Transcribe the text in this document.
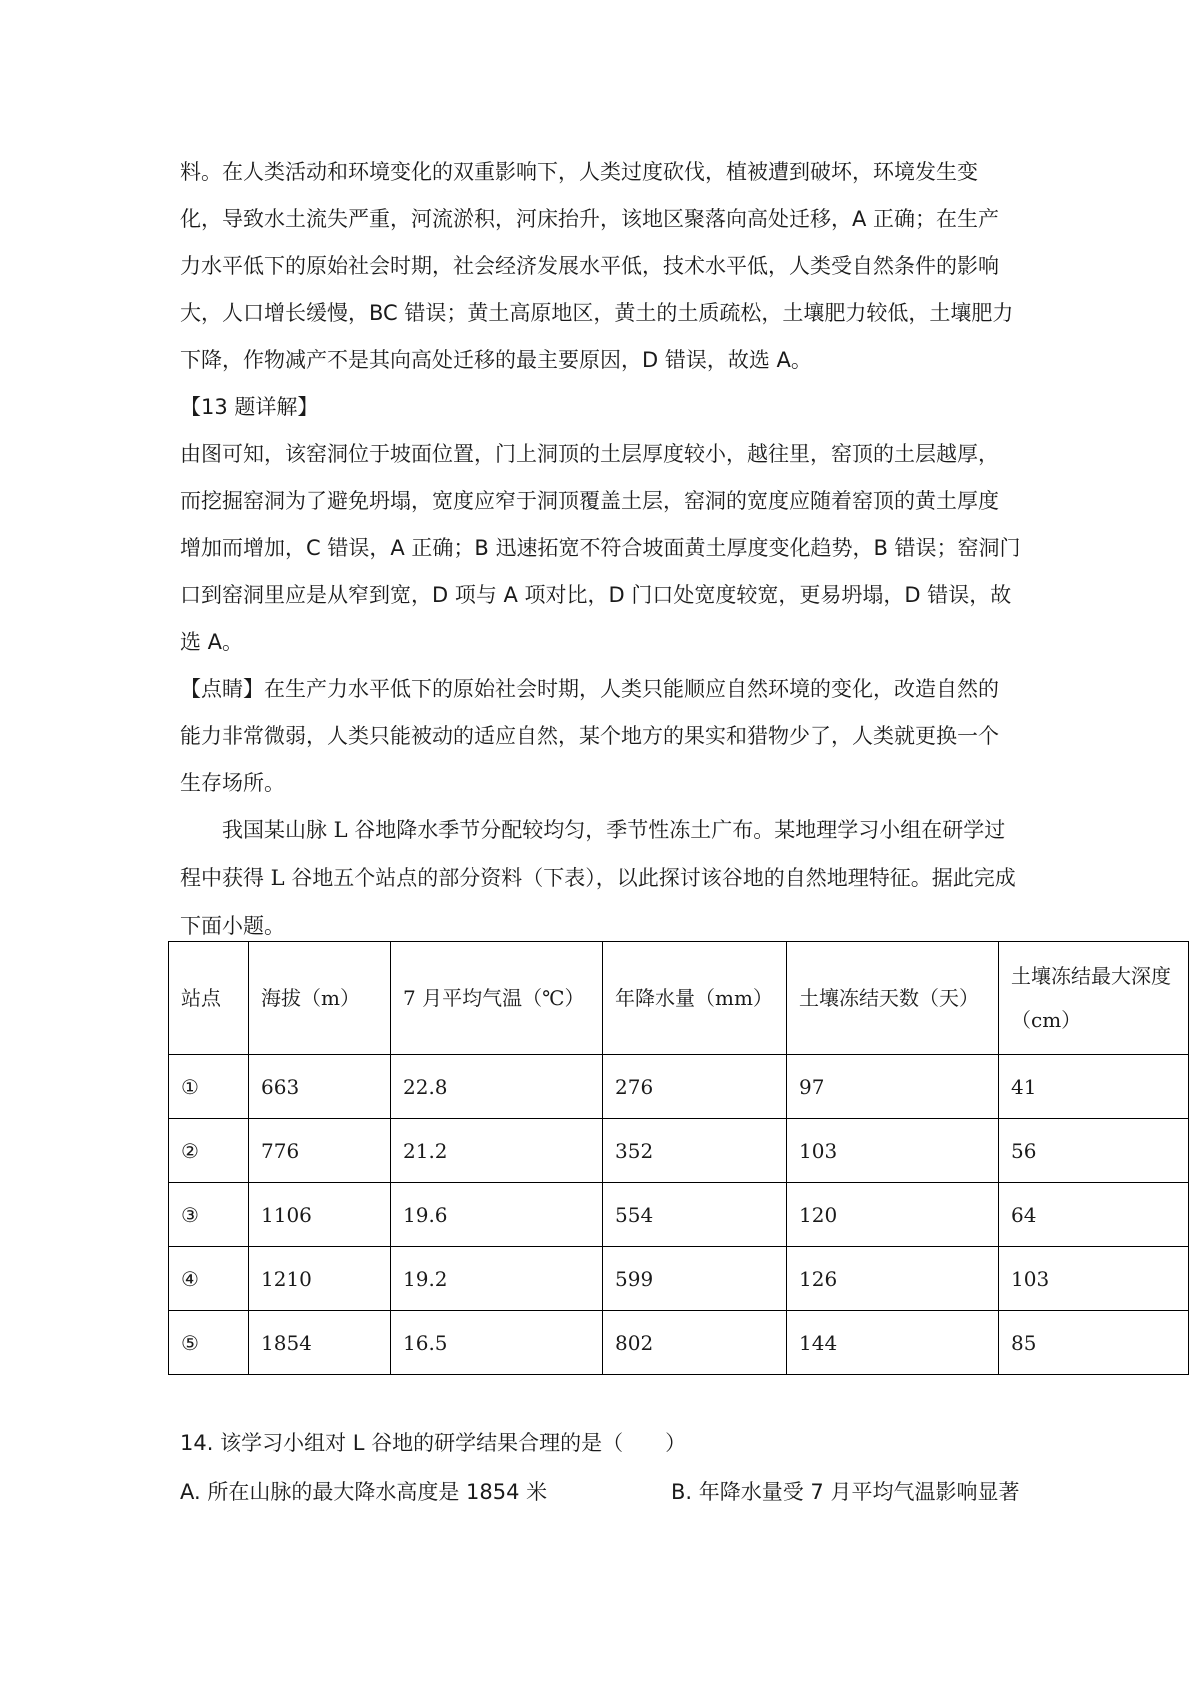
料。在人类活动和环境变化的双重影响下，人类过度砍伐，植被遭到破坏，环境发生变
化，导致水土流失严重，河流淤积，河床抬升，该地区聚落向高处迁移，A 正确；在生产
力水平低下的原始社会时期，社会经济发展水平低，技术水平低，人类受自然条件的影响
大，人口增长缓慢，BC 错误；黄土高原地区，黄土的土质疏松，土壤肥力较低，土壤肥力
下降，作物减产不是其向高处迁移的最主要原因，D 错误，故选 A。
【13 题详解】
由图可知，该窑洞位于坡面位置，门上洞顶的土层厚度较小，越往里，窑顶的土层越厚，
而挖掘窑洞为了避免坍塌，宽度应窄于洞顶覆盖土层，窑洞的宽度应随着窑顶的黄土厚度
增加而增加，C 错误，A 正确；B 迅速拓宽不符合坡面黄土厚度变化趋势，B 错误；窑洞门
口到窑洞里应是从窄到宽，D 项与 A 项对比，D 门口处宽度较宽，更易坍塌，D 错误，故
选 A。
【点睛】在生产力水平低下的原始社会时期，人类只能顺应自然环境的变化，改造自然的
能力非常微弱，人类只能被动的适应自然，某个地方的果实和猎物少了，人类就更换一个
生存场所。
我国某山脉 L 谷地降水季节分配较均匀，季节性冻土广布。某地理学习小组在研学过
程中获得 L 谷地五个站点的部分资料（下表），以此探讨该谷地的自然地理特征。据此完成
下面小题。
站点	海拔（m）	7 月平均气温（℃）	年降水量（mm）	土壤冻结天数（天）	土壤冻结最大深度（cm）
①	663	22.8	276	97	41
②	776	21.2	352	103	56
③	1106	19.6	554	120	64
④	1210	19.2	599	126	103
⑤	1854	16.5	802	144	85
14. 该学习小组对 L 谷地的研学结果合理的是（　　）
A. 所在山脉的最大降水高度是 1854 米	B. 年降水量受 7 月平均气温影响显著
